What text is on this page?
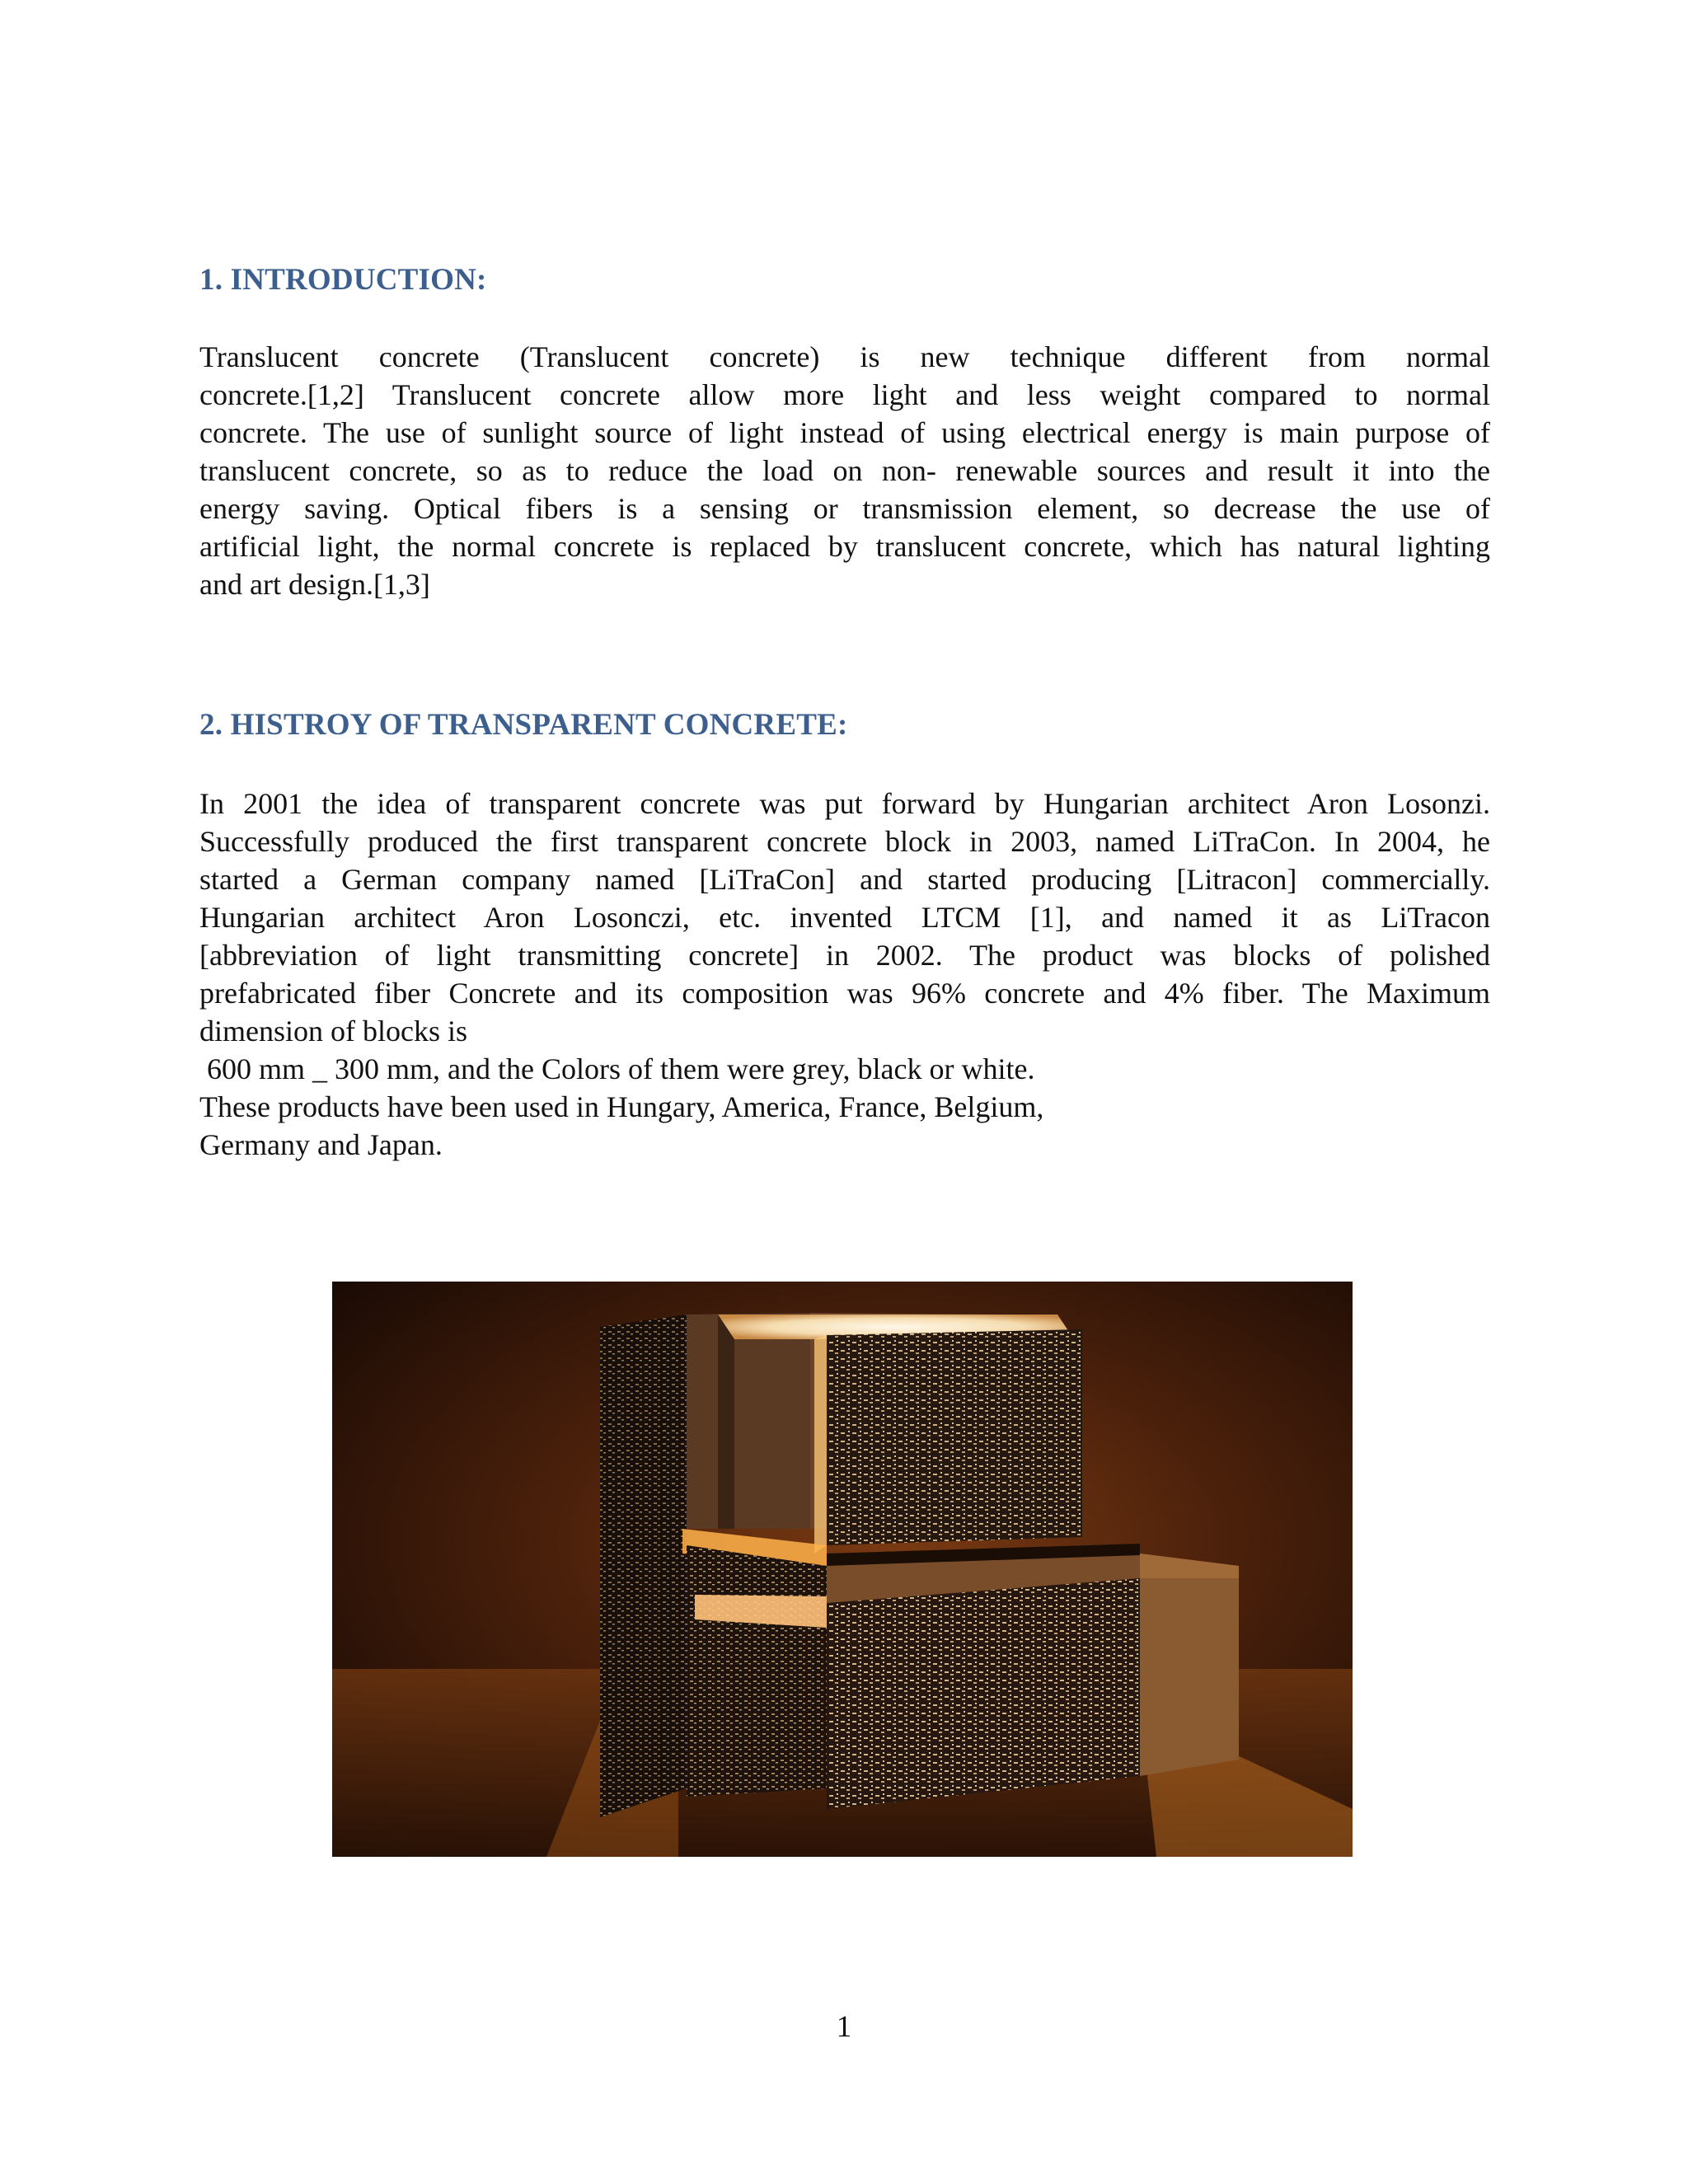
1. INTRODUCTION:
Translucent concrete (Translucent concrete) is new technique different from normal
concrete.[1,2] Translucent concrete allow more light and less weight compared to normal
concrete. The use of sunlight source of light instead of using electrical energy is main purpose of
translucent concrete, so as to reduce the load on non- renewable sources and result it into the
energy saving. Optical fibers is a sensing or transmission element, so decrease the use of
artificial light, the normal concrete is replaced by translucent concrete, which has natural lighting
and art design.[1,3]
2. HISTROY OF TRANSPARENT CONCRETE:
In 2001 the idea of transparent concrete was put forward by Hungarian architect Aron Losonzi.
Successfully produced the first transparent concrete block in 2003, named LiTraCon. In 2004, he
started a German company named [LiTraCon] and started producing [Litracon] commercially.
Hungarian architect Aron Losonczi, etc. invented LTCM [1], and named it as LiTracon
[abbreviation of light transmitting concrete] in 2002. The product was blocks of polished
prefabricated fiber Concrete and its composition was 96% concrete and 4% fiber. The Maximum
dimension of blocks is
600 mm _ 300 mm, and the Colors of them were grey, black or white.
These products have been used in Hungary, America, France, Belgium,
Germany and Japan.
1
